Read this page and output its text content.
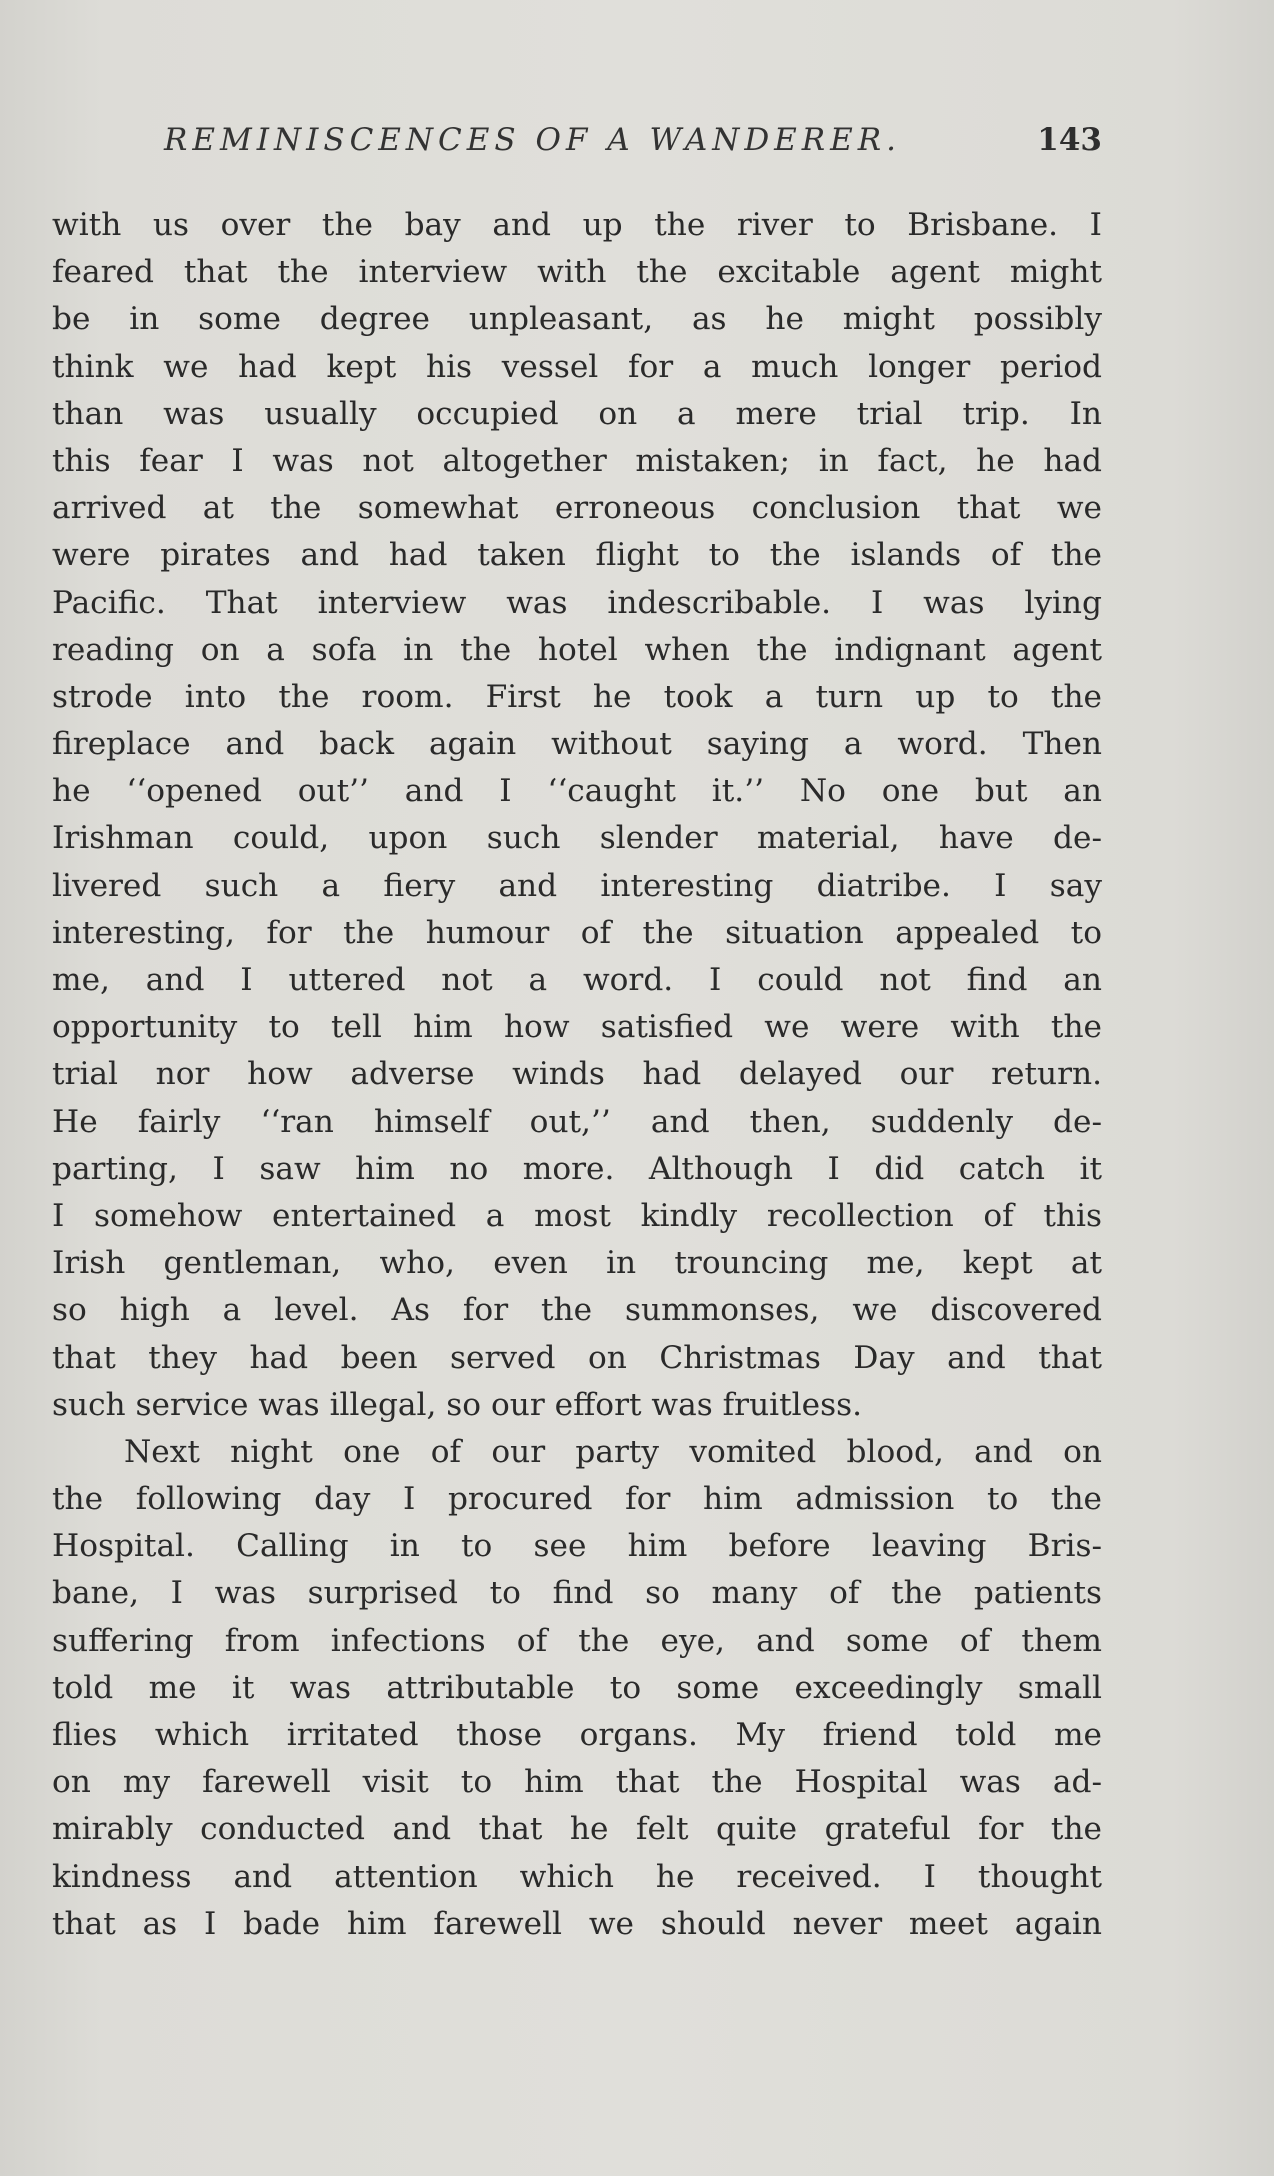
REMINISCENCES OF A WANDERER.	143
with us over the bay and up the river to Brisbane. I
feared that the interview with the excitable agent might
be in some degree unpleasant, as he might possibly
think we had kept his vessel for a much longer period
than was usually occupied on a mere trial trip. In
this fear I was not altogether mistaken; in fact, he had
arrived at the somewhat erroneous conclusion that we
were pirates and had taken flight to the islands of the
Pacific. That interview was indescribable. I was lying
reading on a sofa in the hotel when the indignant agent
strode into the room. First he took a turn up to the
fireplace and back again without saying a word. Then
he ‘‘opened out’’ and I ‘‘caught it.’’ No one but an
Irishman could, upon such slender material, have de-
livered such a fiery and interesting diatribe. I say
interesting, for the humour of the situation appealed to
me, and I uttered not a word. I could not find an
opportunity to tell him how satisfied we were with the
trial nor how adverse winds had delayed our return.
He fairly ‘‘ran himself out,’’ and then, suddenly de-
parting, I saw him no more. Although I did catch it
I somehow entertained a most kindly recollection of this
Irish gentleman, who, even in trouncing me, kept at
so high a level. As for the summonses, we discovered
that they had been served on Christmas Day and that
such service was illegal, so our effort was fruitless.
Next night one of our party vomited blood, and on
the following day I procured for him admission to the
Hospital. Calling in to see him before leaving Bris-
bane, I was surprised to find so many of the patients
suffering from infections of the eye, and some of them
told me it was attributable to some exceedingly small
flies which irritated those organs. My friend told me
on my farewell visit to him that the Hospital was ad-
mirably conducted and that he felt quite grateful for the
kindness and attention which he received. I thought
that as I bade him farewell we should never meet again
